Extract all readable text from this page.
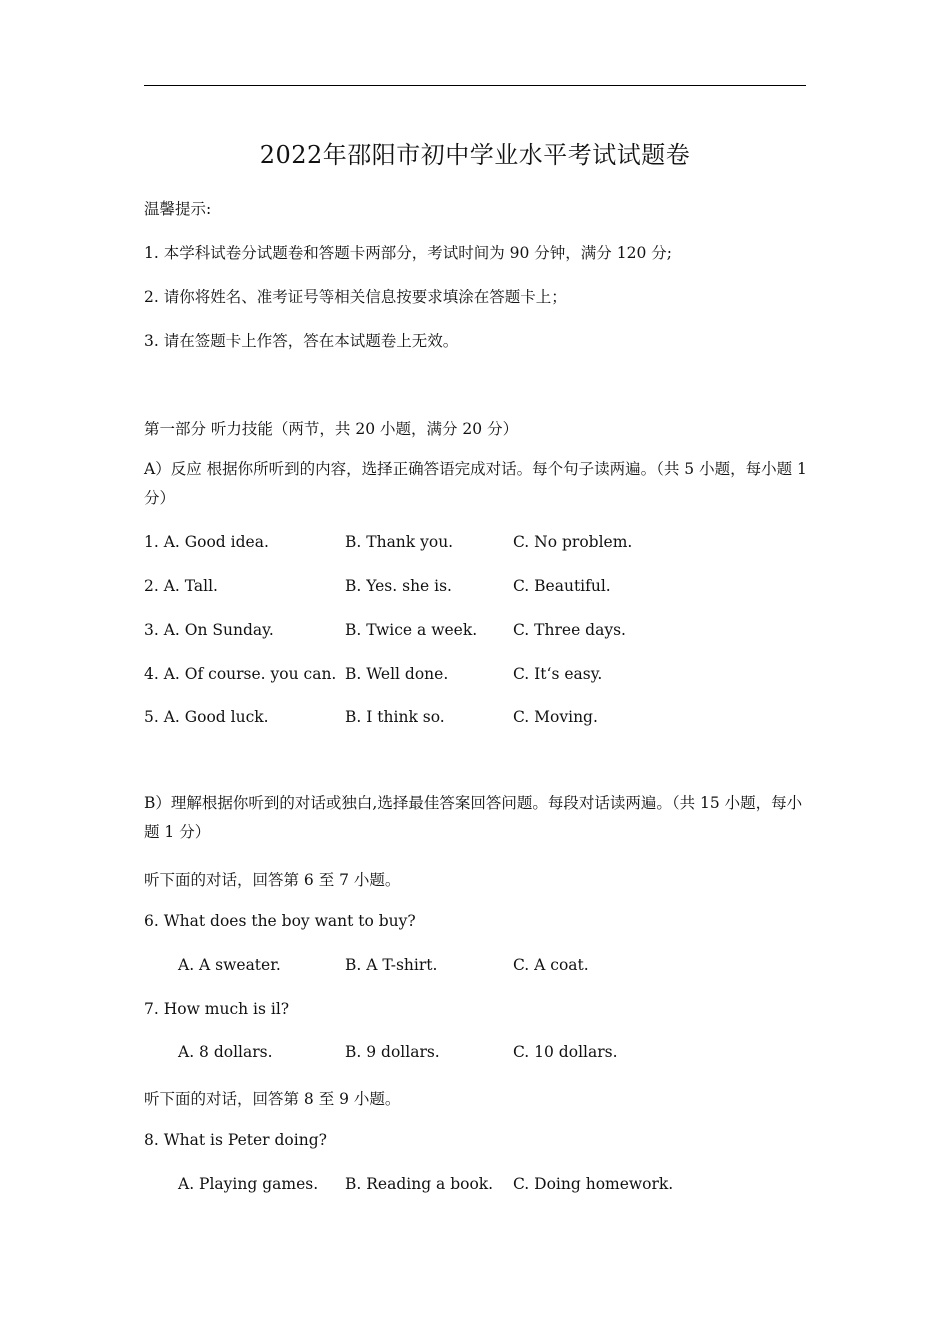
2022年邵阳市初中学业水平考试试题卷
温馨提示:
1. 本学科试卷分试题卷和答题卡两部分，考试时间为 90 分钟，满分 120 分;
2. 请你将姓名、准考证号等相关信息按要求填涂在答题卡上；
3. 请在签题卡上作答，答在本试题卷上无效。
第一部分 听力技能（两节，共 20 小题，满分 20 分）
A）反应 根据你所听到的内容，选择正确答语完成对话。每个句子读两遍。（共 5 小题，每小题 1 分）
1. A. Good idea.	B. Thank you.	C. No problem.
2. A. Tall.	B. Yes. she is.	C. Beautiful.
3. A. On Sunday.	B. Twice a week. C. Three days.
4. A. Of course. you can. B. Well done.	C. It‘s easy.
5. A. Good luck.	B. I think so.	C. Moving.
B）理解根据你听到的对话或独白,选择最佳答案回答问题。每段对话读两遍。（共 15 小题，每小题 1 分）
听下面的对话，回答第 6 至 7 小题。
6. What does the boy want to buy?
A. A sweater.	B. A T-shirt.	C. A coat.
7. How much is il?
A. 8 dollars.	B. 9 dollars.	C. 10 dollars.
听下面的对话，回答第 8 至 9 小题。
8. What is Peter doing?
A. Playing games. B. Reading a book. C. Doing homework.
